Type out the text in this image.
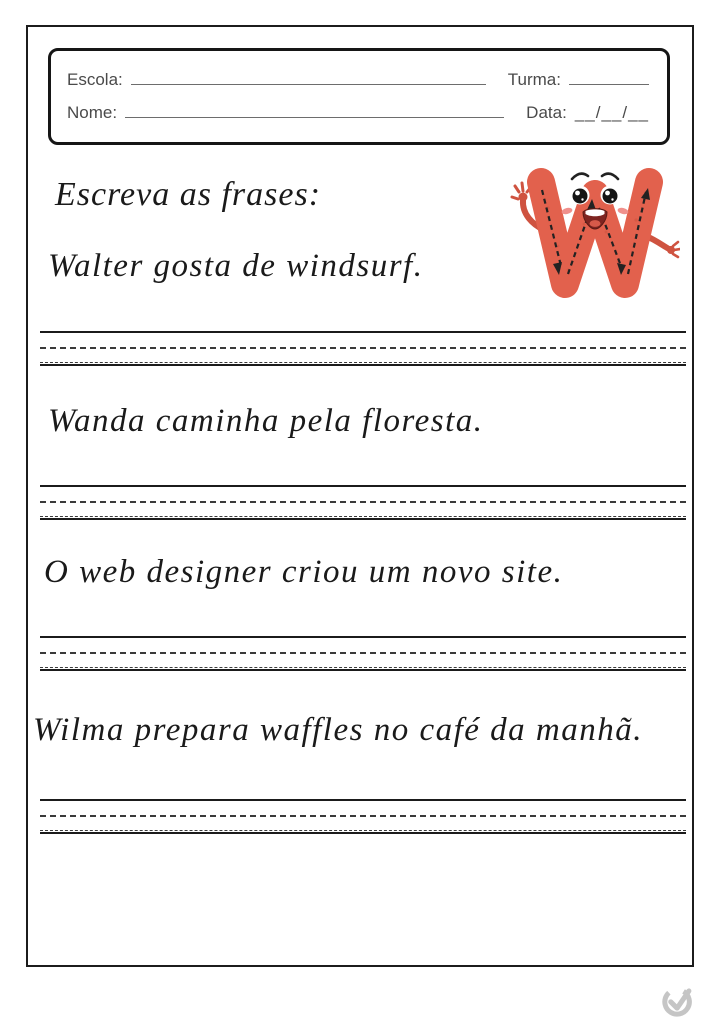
Escola:	Turma:
Nome:	Data: __/__/__
Escreva as frases:
Walter gosta de windsurf.
Wanda caminha pela floresta.
O web designer criou um novo site.
Wilma prepara waffles no café da manhã.
